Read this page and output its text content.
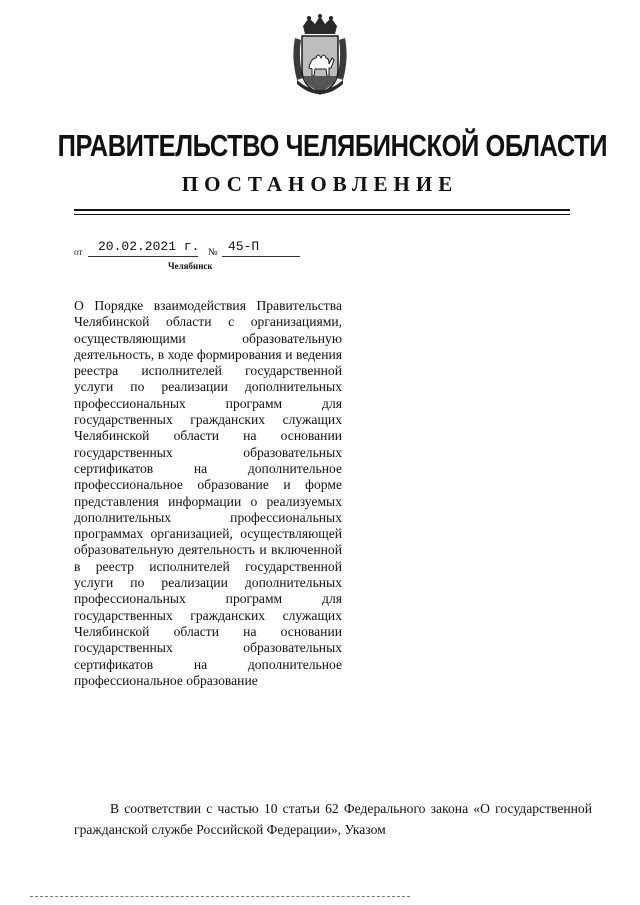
ПРАВИТЕЛЬСТВО ЧЕЛЯБИНСКОЙ ОБЛАСТИ
ПОСТАНОВЛЕНИЕ
от 20.02.2021 г. № 45-П
Челябинск
О Порядке взаимодействия Правительства Челябинской области с организациями, осуществляющими образовательную деятельность, в ходе формирования и ведения реестра исполнителей государственной услуги по реализации дополнительных профессиональных программ для государственных гражданских служащих Челябинской области на основании государственных образовательных сертификатов на дополнительное профессиональное образование и форме представления информации о реализуемых дополнительных профессиональных программах организацией, осуществляющей образовательную деятельность и включенной в реестр исполнителей государственной услуги по реализации дополнительных профессиональных программ для государственных гражданских служащих Челябинской области на основании государственных образовательных сертификатов на дополнительное профессиональное образование
В соответствии с частью 10 статьи 62 Федерального закона «О государственной гражданской службе Российской Федерации», Указом
